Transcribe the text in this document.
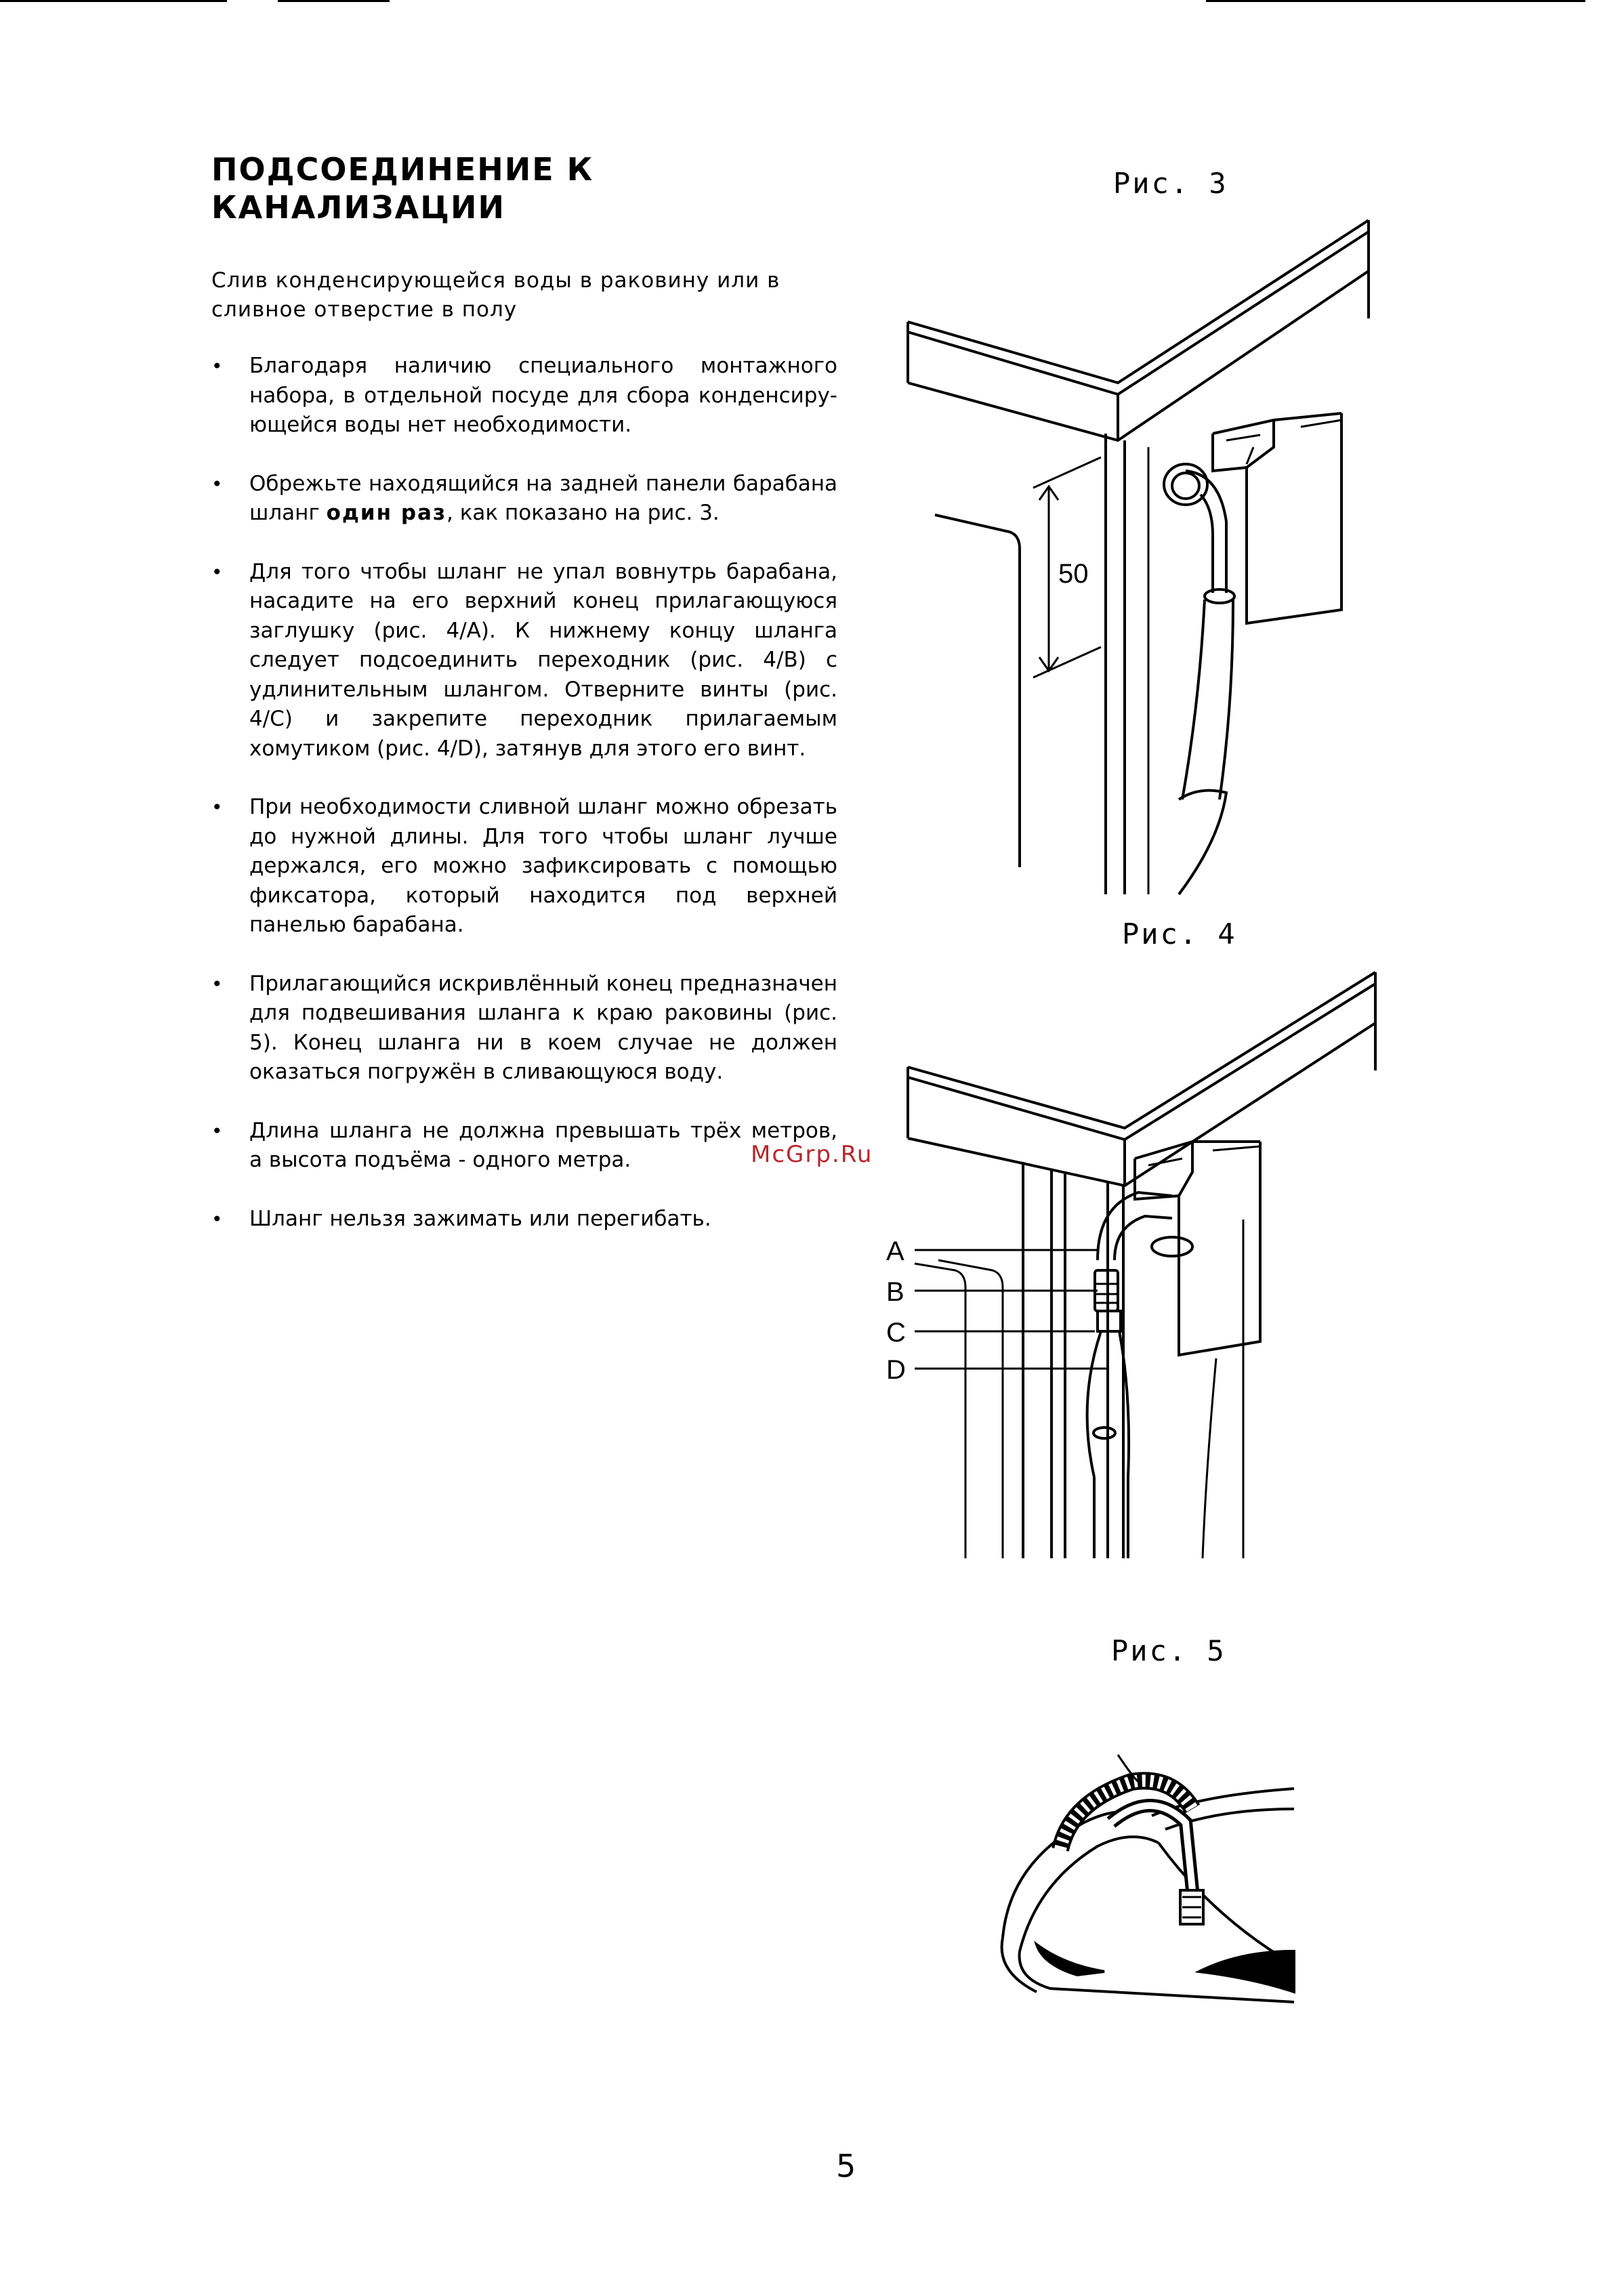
ПОДСОЕДИНЕНИЕ К
КАНАЛИЗАЦИИ

Слив конденсирующейся воды в раковину или в сливное отверстие в полу

• Благодаря наличию специального монтажного набора, в отдельной посуде для сбора конденсиру-ющейся воды нет необходимости.
• Обрежьте находящийся на задней панели барабана шланг один раз, как показано на рис. 3.
• Для того чтобы шланг не упал вовнутрь барабана, насадите на его верхний конец прилагающуюся заглушку (рис. 4/A). К нижнему концу шланга следует подсоединить переходник (рис. 4/B) с удлинительным шлангом. Отверните винты (рис. 4/C) и закрепите переходник прилагаемым хомутиком (рис. 4/D), затянув для этого его винт.
• При необходимости сливной шланг можно обрезать до нужной длины. Для того чтобы шланг лучше держался, его можно зафиксировать с помощью фиксатора, который находится под верхней панелью барабана.
• Прилагающийся искривлённый конец предназначен для подвешивания шланга к краю раковины (рис. 5). Конец шланга ни в коем случае не должен оказаться погружён в сливающуюся воду.
• Длина шланга не должна превышать трёх метров, а высота подъёма - одного метра.
• Шланг нельзя зажимать или перегибать.
Рис. 3
Рис. 4
Рис. 5
50
A
B
C
D
McGrp.Ru
5
